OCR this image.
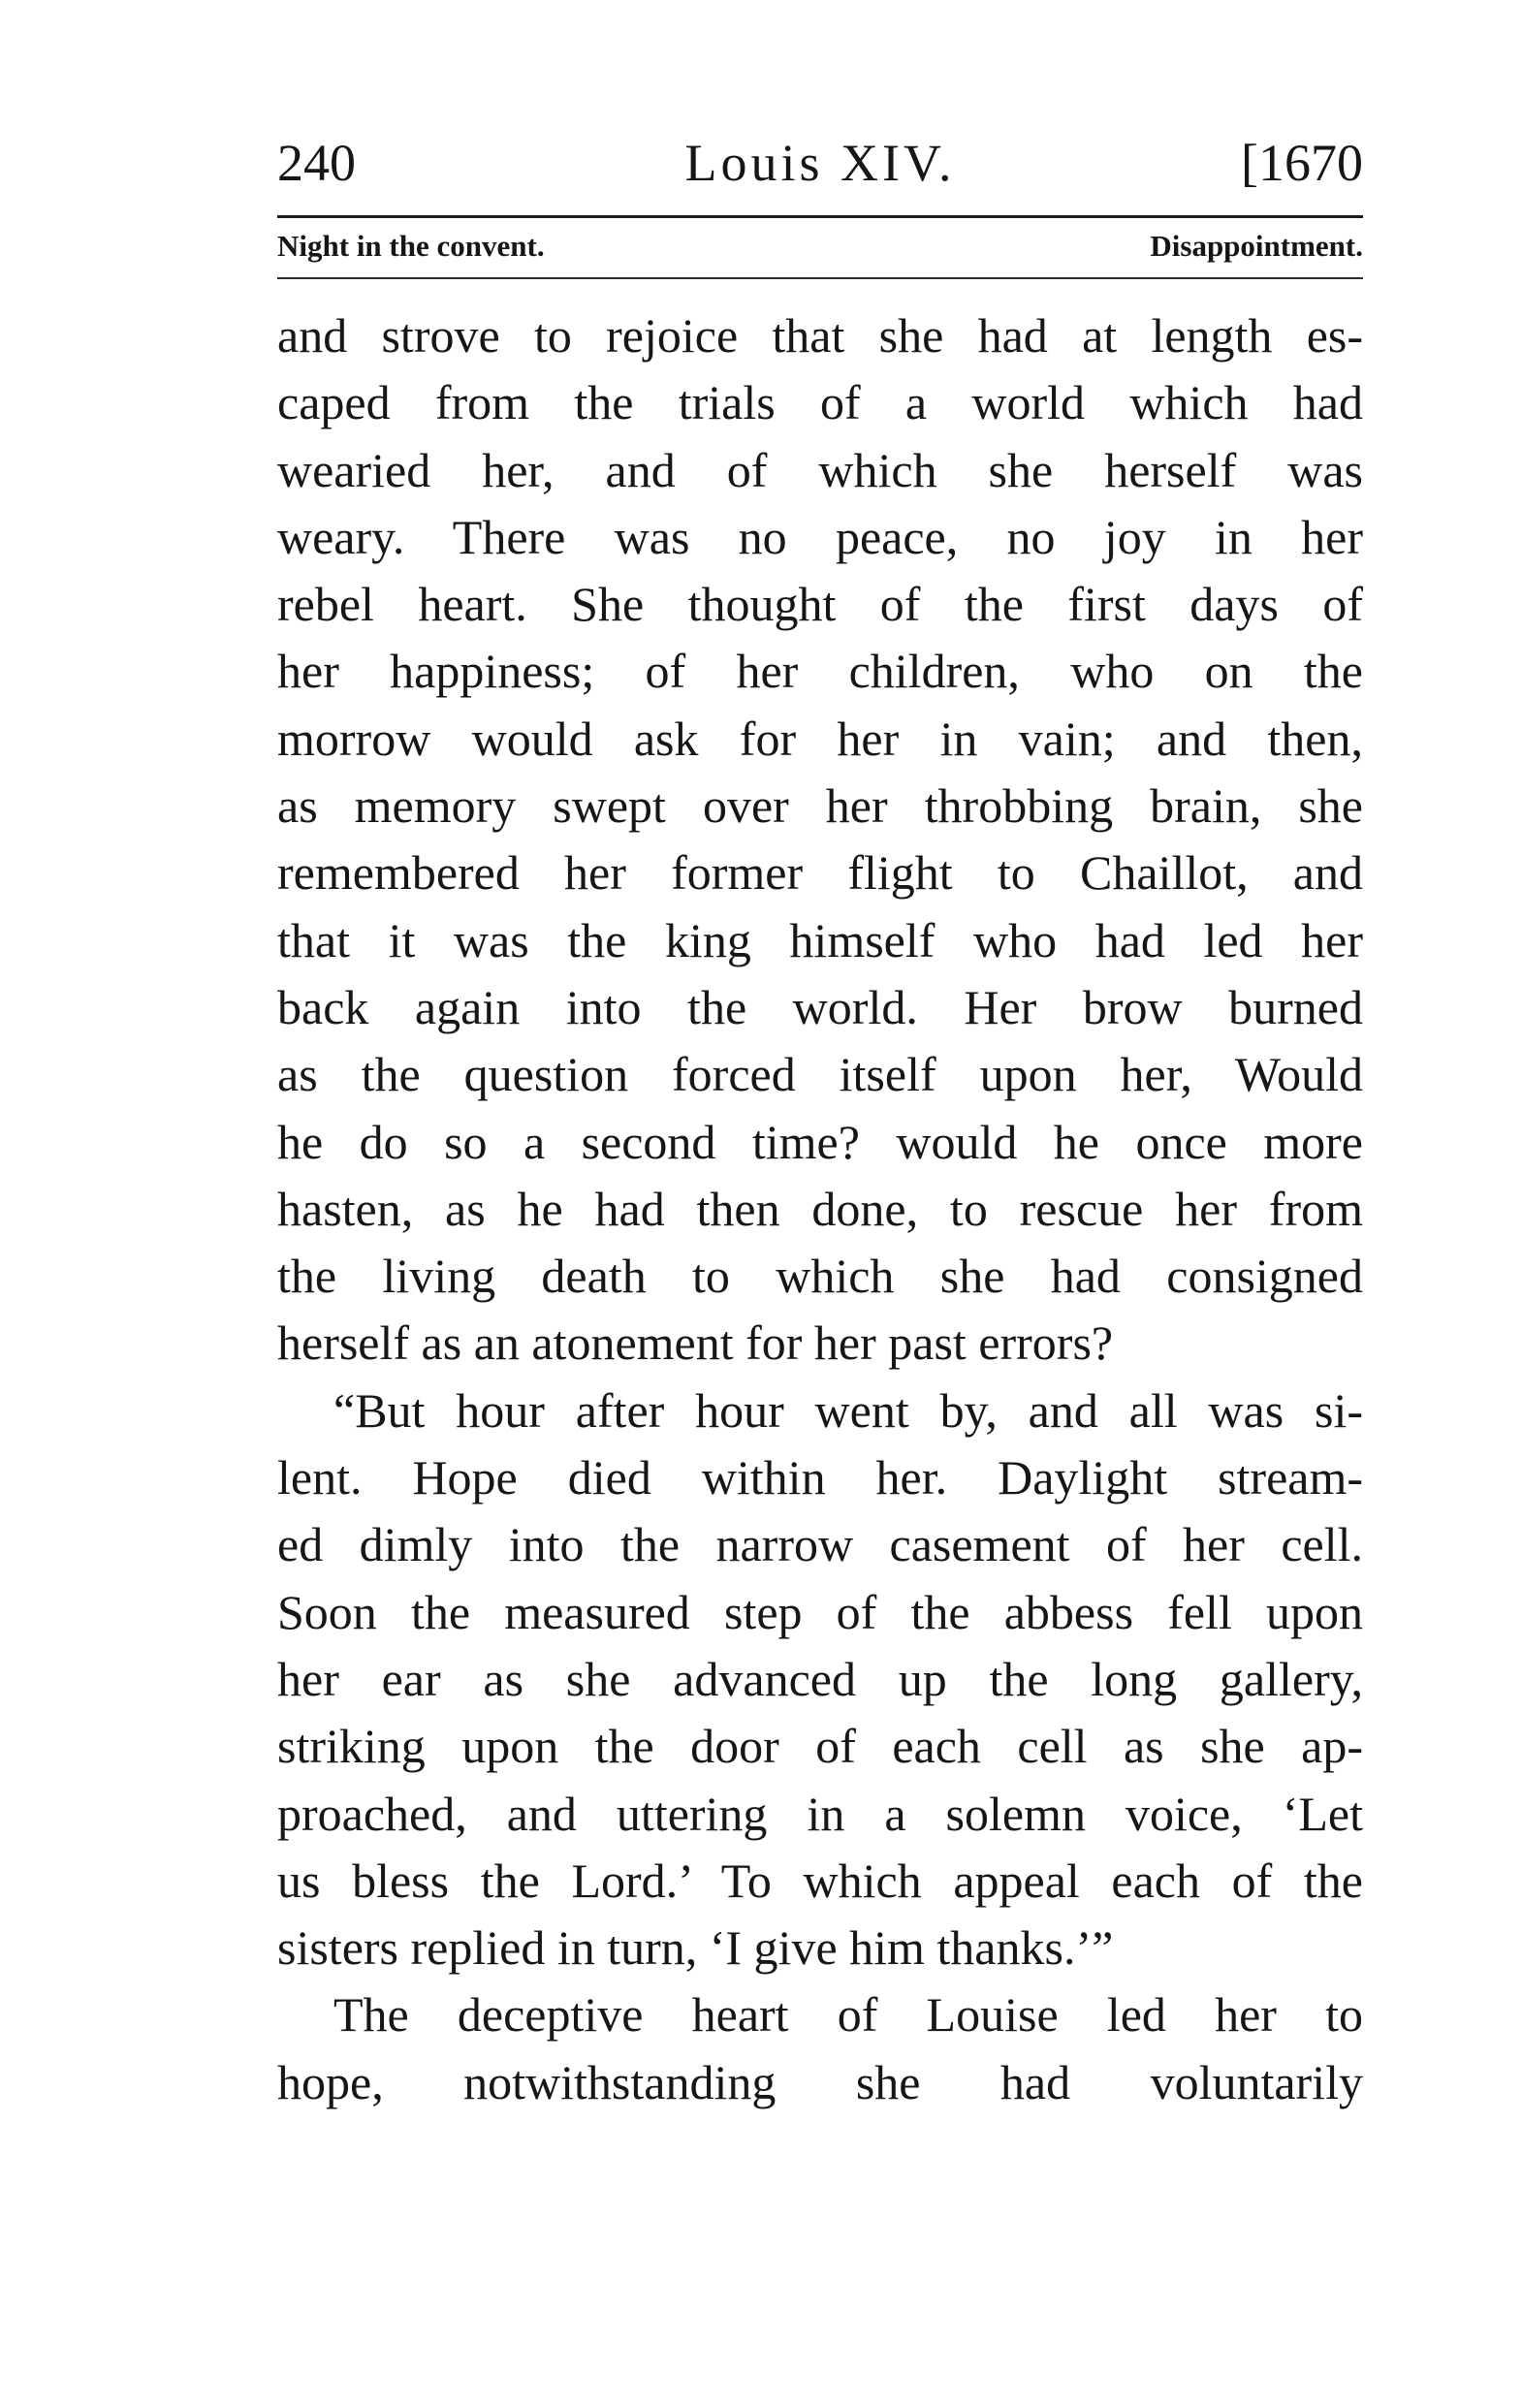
240	Louis XIV.	[1670
Night in the convent.	Disappointment.
and strove to rejoice that she had at length es-
caped from the trials of a world which had
wearied her, and of which she herself was
weary. There was no peace, no joy in her
rebel heart. She thought of the first days of
her happiness; of her children, who on the
morrow would ask for her in vain; and then,
as memory swept over her throbbing brain, she
remembered her former flight to Chaillot, and
that it was the king himself who had led her
back again into the world. Her brow burned
as the question forced itself upon her, Would
he do so a second time? would he once more
hasten, as he had then done, to rescue her from
the living death to which she had consigned
herself as an atonement for her past errors?
“But hour after hour went by, and all was si-
lent. Hope died within her. Daylight stream-
ed dimly into the narrow casement of her cell.
Soon the measured step of the abbess fell upon
her ear as she advanced up the long gallery,
striking upon the door of each cell as she ap-
proached, and uttering in a solemn voice, ‘Let
us bless the Lord.’ To which appeal each of the
sisters replied in turn, ‘I give him thanks.’”
The deceptive heart of Louise led her to
hope, notwithstanding she had voluntarily
